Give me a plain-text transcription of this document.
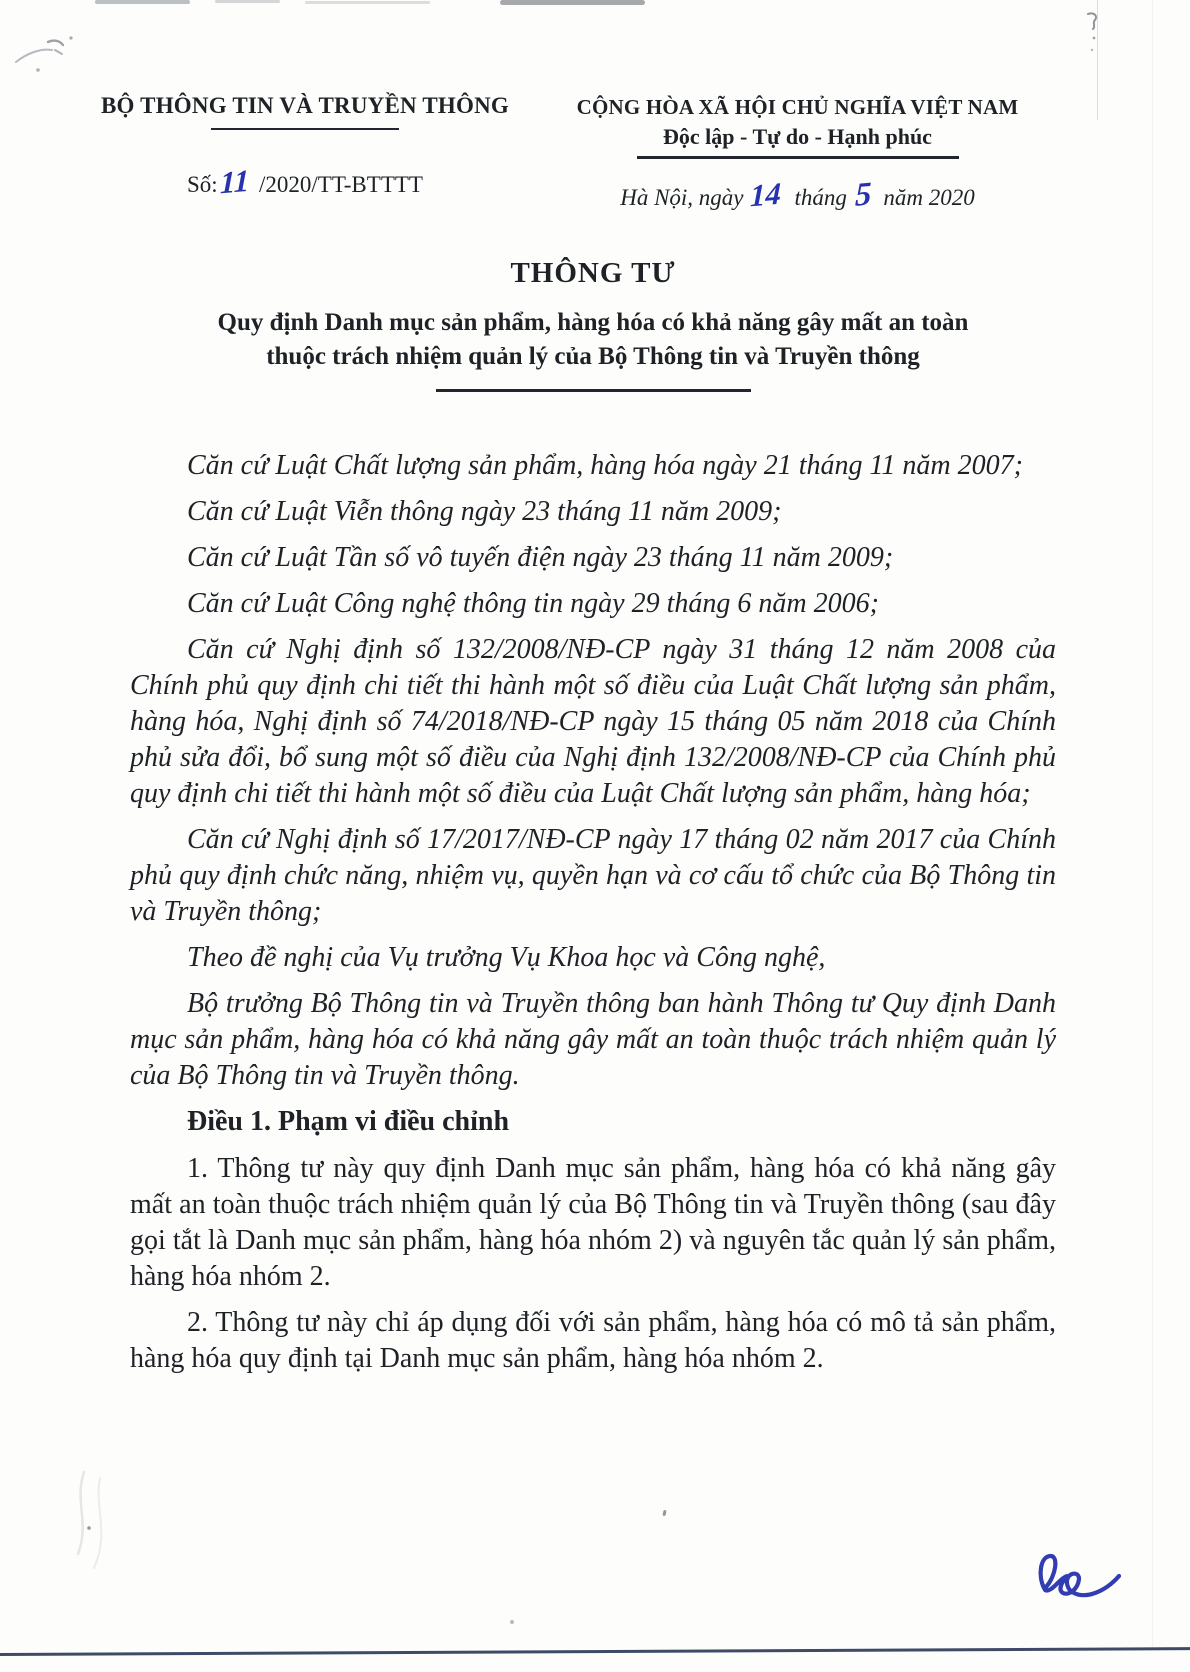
BỘ THÔNG TIN VÀ TRUYỀN THÔNG
Số:11 /2020/TT-BTTTT
CỘNG HÒA XÃ HỘI CHỦ NGHĨA VIỆT NAM
Độc lập - Tự do - Hạnh phúc
Hà Nội, ngày 14 tháng 5 năm 2020
THÔNG TƯ
Quy định Danh mục sản phẩm, hàng hóa có khả năng gây mất an toàn
thuộc trách nhiệm quản lý của Bộ Thông tin và Truyền thông

Căn cứ Luật Chất lượng sản phẩm, hàng hóa ngày 21 tháng 11 năm 2007;

Căn cứ Luật Viễn thông ngày 23 tháng 11 năm 2009;

Căn cứ Luật Tần số vô tuyến điện ngày 23 tháng 11 năm 2009;

Căn cứ Luật Công nghệ thông tin ngày 29 tháng 6 năm 2006;

Căn cứ Nghị định số 132/2008/NĐ-CP ngày 31 tháng 12 năm 2008 của Chính phủ quy định chi tiết thi hành một số điều của Luật Chất lượng sản phẩm, hàng hóa, Nghị định số 74/2018/NĐ-CP ngày 15 tháng 05 năm 2018 của Chính phủ sửa đổi, bổ sung một số điều của Nghị định 132/2008/NĐ-CP của Chính phủ quy định chi tiết thi hành một số điều của Luật Chất lượng sản phẩm, hàng hóa;

Căn cứ Nghị định số 17/2017/NĐ-CP ngày 17 tháng 02 năm 2017 của Chính phủ quy định chức năng, nhiệm vụ, quyền hạn và cơ cấu tổ chức của Bộ Thông tin và Truyền thông;

Theo đề nghị của Vụ trưởng Vụ Khoa học và Công nghệ,

Bộ trưởng Bộ Thông tin và Truyền thông ban hành Thông tư Quy định Danh mục sản phẩm, hàng hóa có khả năng gây mất an toàn thuộc trách nhiệm quản lý của Bộ Thông tin và Truyền thông.

Điều 1. Phạm vi điều chỉnh

1. Thông tư này quy định Danh mục sản phẩm, hàng hóa có khả năng gây mất an toàn thuộc trách nhiệm quản lý của Bộ Thông tin và Truyền thông (sau đây gọi tắt là Danh mục sản phẩm, hàng hóa nhóm 2) và nguyên tắc quản lý sản phẩm, hàng hóa nhóm 2.

2. Thông tư này chỉ áp dụng đối với sản phẩm, hàng hóa có mô tả sản phẩm, hàng hóa quy định tại Danh mục sản phẩm, hàng hóa nhóm 2.
